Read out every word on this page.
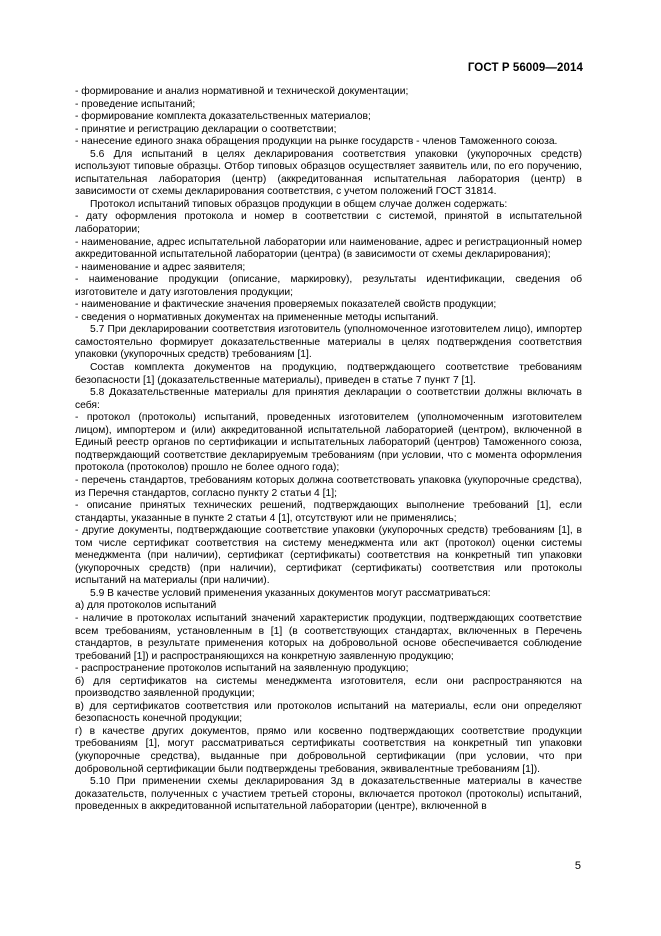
ГОСТ Р 56009—2014

- формирование и анализ нормативной и технической документации;

- проведение испытаний;

- формирование комплекта доказательственных материалов;

- принятие и регистрацию декларации о соответствии;

- нанесение единого знака обращения продукции на рынке государств - членов Таможенного союза.

5.6 Для испытаний в целях декларирования соответствия упаковки (укупорочных средств) используют типовые образцы. Отбор типовых образцов осуществляет заявитель или, по его поручению, испытательная лаборатория (центр) (аккредитованная испытательная лаборатория (центр) в зависимости от схемы декларирования соответствия, с учетом положений ГОСТ 31814.

Протокол испытаний типовых образцов продукции в общем случае должен содержать:

- дату оформления протокола и номер в соответствии с системой, принятой в испытательной лаборатории;

- наименование, адрес испытательной лаборатории или наименование, адрес и регистрационный номер аккредитованной испытательной лаборатории (центра) (в зависимости от схемы декларирования);

- наименование и адрес заявителя;

- наименование продукции (описание, маркировку), результаты идентификации, сведения об изготовителе и дату изготовления продукции;

- наименование и фактические значения проверяемых показателей свойств продукции;

- сведения о нормативных документах на примененные методы испытаний.

5.7 При декларировании соответствия изготовитель (уполномоченное изготовителем лицо), импортер самостоятельно формирует доказательственные материалы в целях подтверждения соответствия упаковки (укупорочных средств) требованиям [1].

Состав комплекта документов на продукцию, подтверждающего соответствие требованиям безопасности [1] (доказательственные материалы), приведен в статье 7 пункт 7 [1].

5.8 Доказательственные материалы для принятия декларации о соответствии должны включать в себя:

- протокол (протоколы) испытаний, проведенных изготовителем (уполномоченным изготовителем лицом), импортером и (или) аккредитованной испытательной лабораторией (центром), включенной в Единый реестр органов по сертификации и испытательных лабораторий (центров) Таможенного союза, подтверждающий соответствие декларируемым требованиям (при условии, что с момента оформления протокола (протоколов) прошло не более одного года);

- перечень стандартов, требованиям которых должна соответствовать упаковка (укупорочные средства), из Перечня стандартов, согласно пункту 2 статьи 4 [1];

- описание принятых технических решений, подтверждающих выполнение требований [1], если стандарты, указанные в пункте 2 статьи 4 [1], отсутствуют или не применялись;

- другие документы, подтверждающие соответствие упаковки (укупорочных средств) требованиям [1], в том числе сертификат соответствия на систему менеджмента или акт (протокол) оценки системы менеджмента (при наличии), сертификат (сертификаты) соответствия на конкретный тип упаковки (укупорочных средств) (при наличии), сертификат (сертификаты) соответствия или протоколы испытаний на материалы (при наличии).

5.9 В качестве условий применения указанных документов могут рассматриваться:

а) для протоколов испытаний

- наличие в протоколах испытаний значений характеристик продукции, подтверждающих соответствие всем требованиям, установленным в [1] (в соответствующих стандартах, включенных в Перечень стандартов, в результате применения которых на добровольной основе обеспечивается соблюдение требований [1]) и распространяющихся на конкретную заявленную продукцию;

- распространение протоколов испытаний на заявленную продукцию;

б) для сертификатов на системы менеджмента изготовителя, если они распространяются на производство заявленной продукции;

в) для сертификатов соответствия или протоколов испытаний на материалы, если они определяют безопасность конечной продукции;

г) в качестве других документов, прямо или косвенно подтверждающих соответствие продукции требованиям [1], могут рассматриваться сертификаты соответствия на конкретный тип упаковки (укупорочные средства), выданные при добровольной сертификации (при условии, что при добровольной сертификации были подтверждены требования, эквивалентные требованиям [1]).

5.10 При применении схемы декларирования 3д в доказательственные материалы в качестве доказательств, полученных с участием третьей стороны, включается протокол (протоколы) испытаний, проведенных в аккредитованной испытательной лаборатории (центре), включенной в

5
